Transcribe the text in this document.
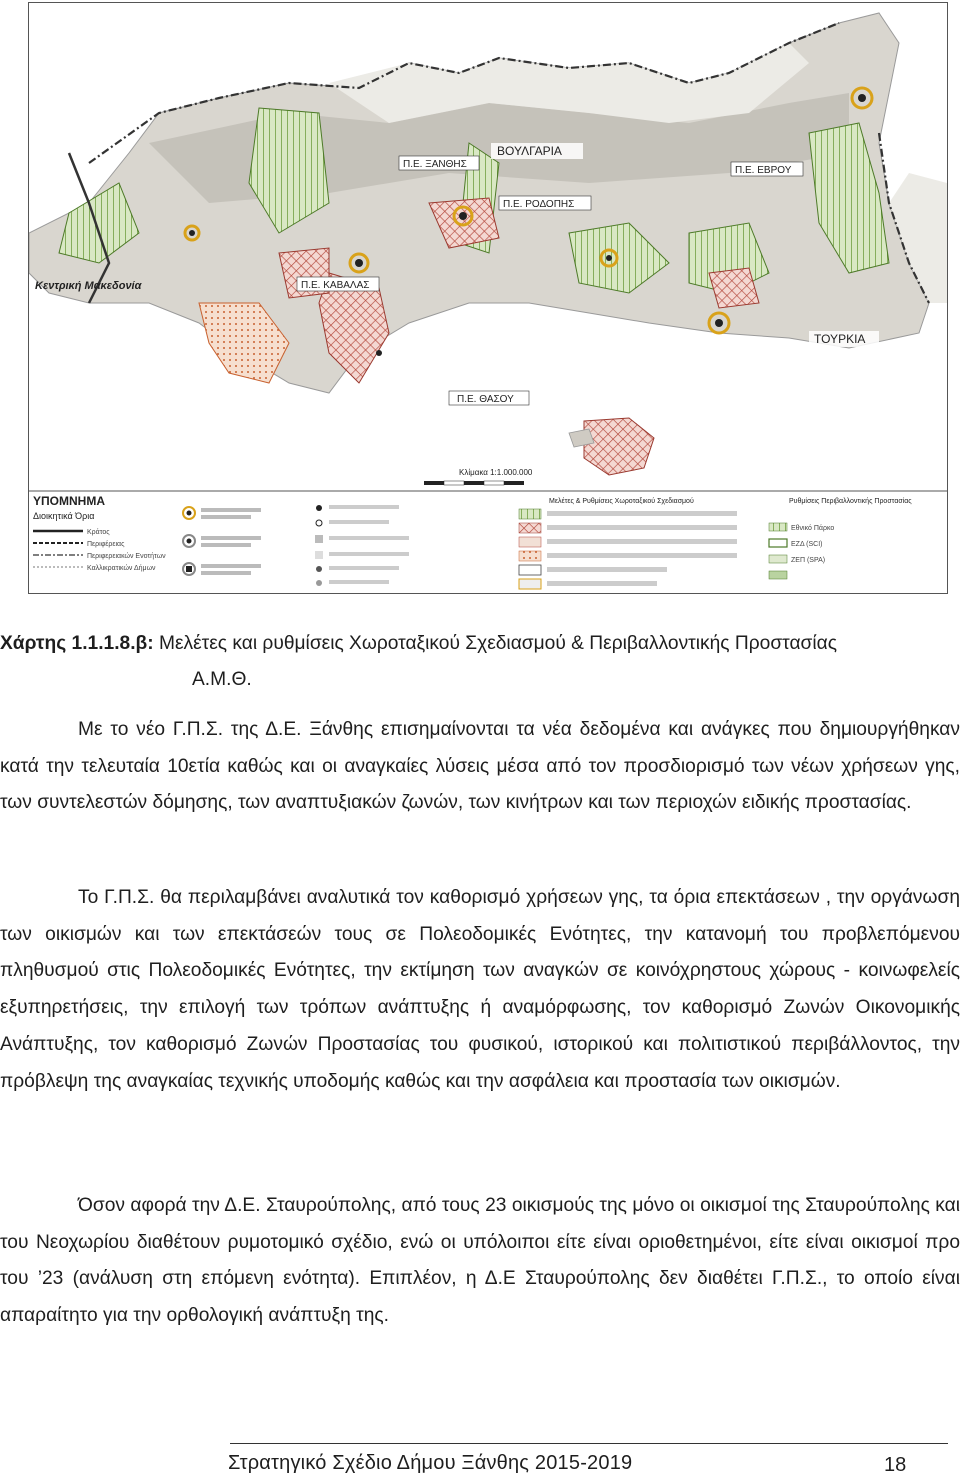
ΒΟΥΛΓΑΡΙΑ
ΤΟΥΡΚΙΑ
Κεντρική Μακεδονία
Π.Ε. ΞΑΝΘΗΣ
Π.Ε. ΚΑΒΑΛΑΣ
Π.Ε. ΡΟΔΟΠΗΣ
Π.Ε. ΕΒΡΟΥ
Π.Ε. ΘΑΣΟΥ
Κλίμακα 1:1.000.000
ΥΠΟΜΝΗΜΑ
Διοικητικά Όρια
Κράτος
Περιφέρειας
Περιφερειακών Ενοτήτων
Καλλικρατικών Δήμων
Μελέτες & Ρυθμίσεις Χωροταξικού Σχεδιασμού	Ρυθμίσεις Περιβαλλοντικής Προστασίας
Εθνικό Πάρκο
ΕΖΔ (SCI)
ΖΕΠ (SPA)
Χάρτης 1.1.1.8.β: Μελέτες και ρυθμίσεις Χωροταξικού Σχεδιασμού & Περιβαλλοντικής Προστασίας
Α.Μ.Θ.

Με το νέο Γ.Π.Σ. της Δ.Ε. Ξάνθης επισημαίνονται τα νέα δεδομένα και ανάγκες που δημιουργήθηκαν κατά την τελευταία 10ετία καθώς και οι αναγκαίες λύσεις μέσα από τον προσδιορισμό των νέων χρήσεων γης, των συντελεστών δόμησης, των αναπτυξιακών ζωνών, των κινήτρων και των περιοχών ειδικής προστασίας.

Το Γ.Π.Σ. θα περιλαμβάνει αναλυτικά τον καθορισμό χρήσεων γης, τα όρια επεκτάσεων , την οργάνωση των οικισμών και των επεκτάσεών τους σε Πολεοδομικές Ενότητες, την κατανομή του προβλεπόμενου πληθυσμού στις Πολεοδομικές Ενότητες, την εκτίμηση των αναγκών σε κοινόχρηστους χώρους - κοινωφελείς εξυπηρετήσεις, την επιλογή των τρόπων ανάπτυξης ή αναμόρφωσης, τον καθορισμό Ζωνών Οικονομικής Ανάπτυξης, τον καθορισμό Ζωνών Προστασίας του φυσικού, ιστορικού και πολιτιστικού περιβάλλοντος, την πρόβλεψη της αναγκαίας τεχνικής υποδομής καθώς και την ασφάλεια και προστασία των οικισμών.

Όσον αφορά την Δ.Ε. Σταυρούπολης, από τους 23 οικισμούς της μόνο οι οικισμοί της Σταυρούπολης και του Νεοχωρίου διαθέτουν ρυμοτομικό σχέδιο, ενώ οι υπόλοιποι είτε είναι οριοθετημένοι, είτε είναι οικισμοί προ του ’23 (ανάλυση στη επόμενη ενότητα). Επιπλέον, η Δ.Ε Σταυρούπολης δεν διαθέτει Γ.Π.Σ., το οποίο είναι απαραίτητο για την ορθολογική ανάπτυξη της.

Στρατηγικό Σχέδιο Δήμου Ξάνθης 2015-2019	18
